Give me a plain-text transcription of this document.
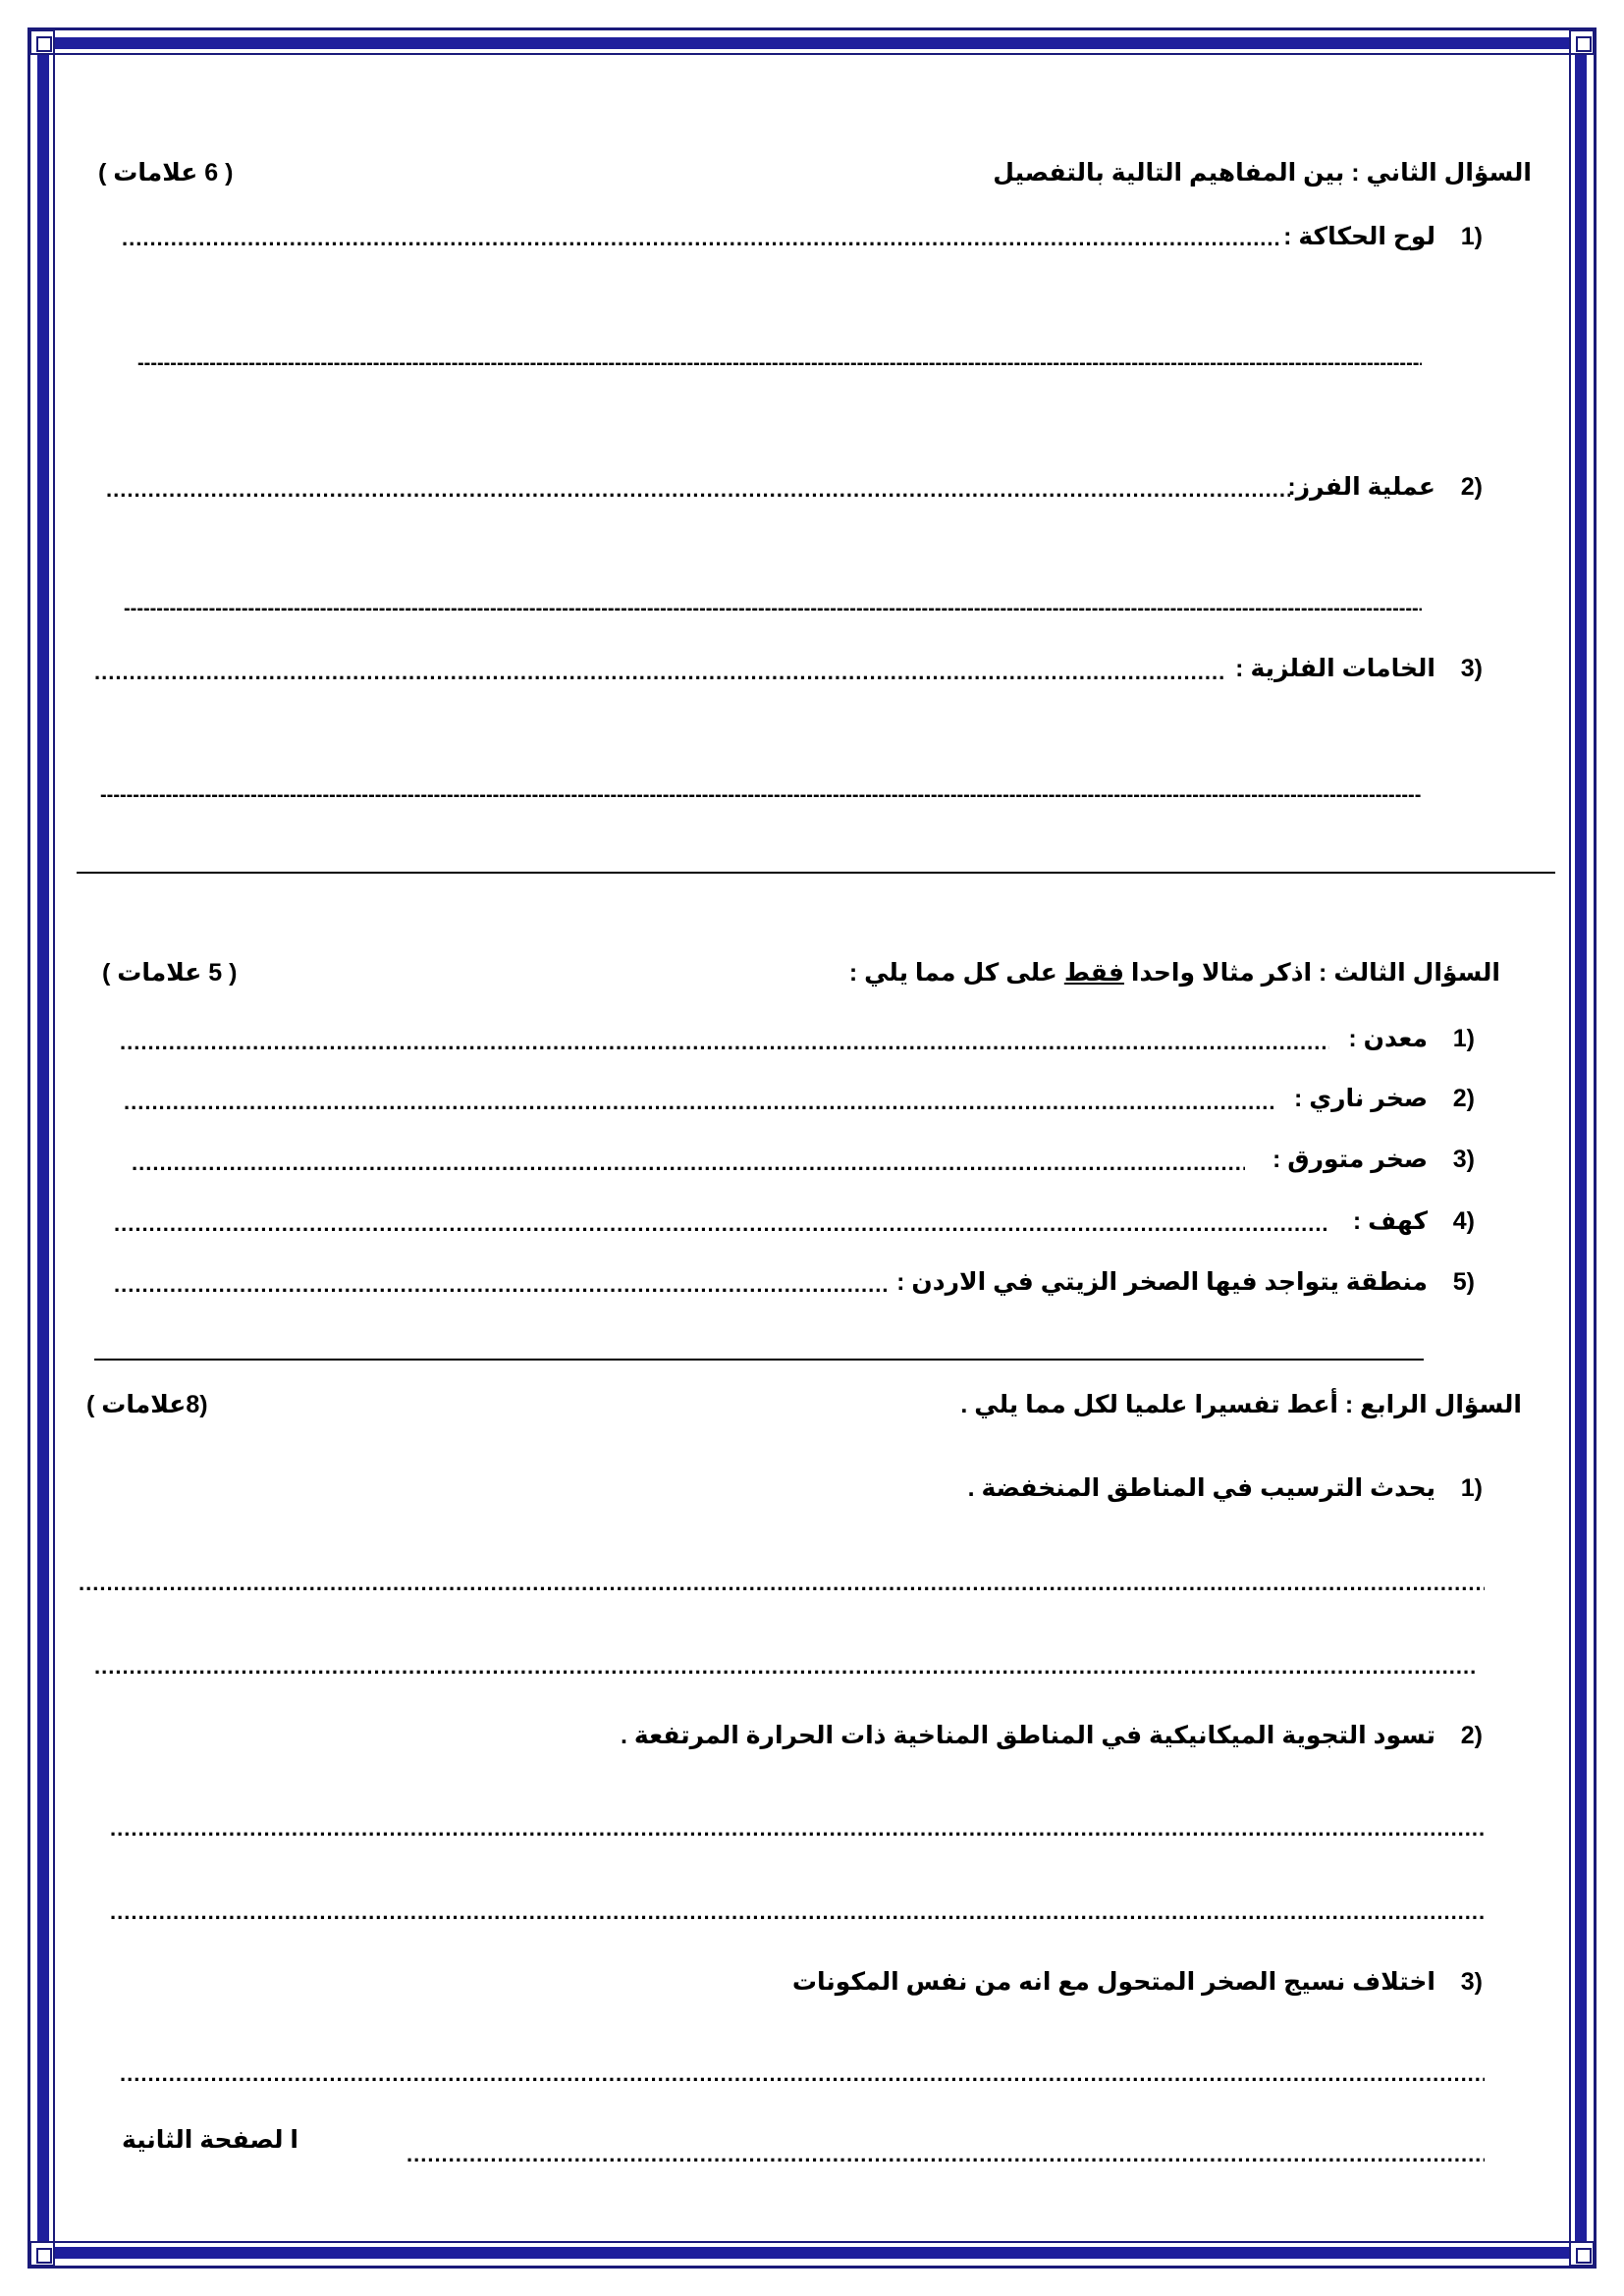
السؤال الثاني : بين المفاهيم التالية بالتفصيل
( 6 علامات )
1)
لوح الحكاكة :
.....
-----
2)
عملية الفرز:
.....
-----
3)
الخامات الفلزية :
.....
-----
السؤال الثالث : اذكر مثالا واحدا فقط على كل مما يلي :
( 5 علامات )
1)
معدن :
.....
2)
صخر ناري :
.....
3)
صخر متورق :
.....
4)
كهف :
.....
5)
منطقة يتواجد فيها الصخر الزيتي في الاردن :
.....
السؤال الرابع : أعط تفسيرا علميا لكل مما يلي .
(8علامات )
1)
يحدث الترسيب في المناطق المنخفضة .
.....
.....
2)
تسود التجوية الميكانيكية في المناطق المناخية ذات الحرارة المرتفعة .
.....
.....
3)
اختلاف نسيج الصخر المتحول مع انه من نفس المكونات
.....
.....
ا لصفحة الثانية
